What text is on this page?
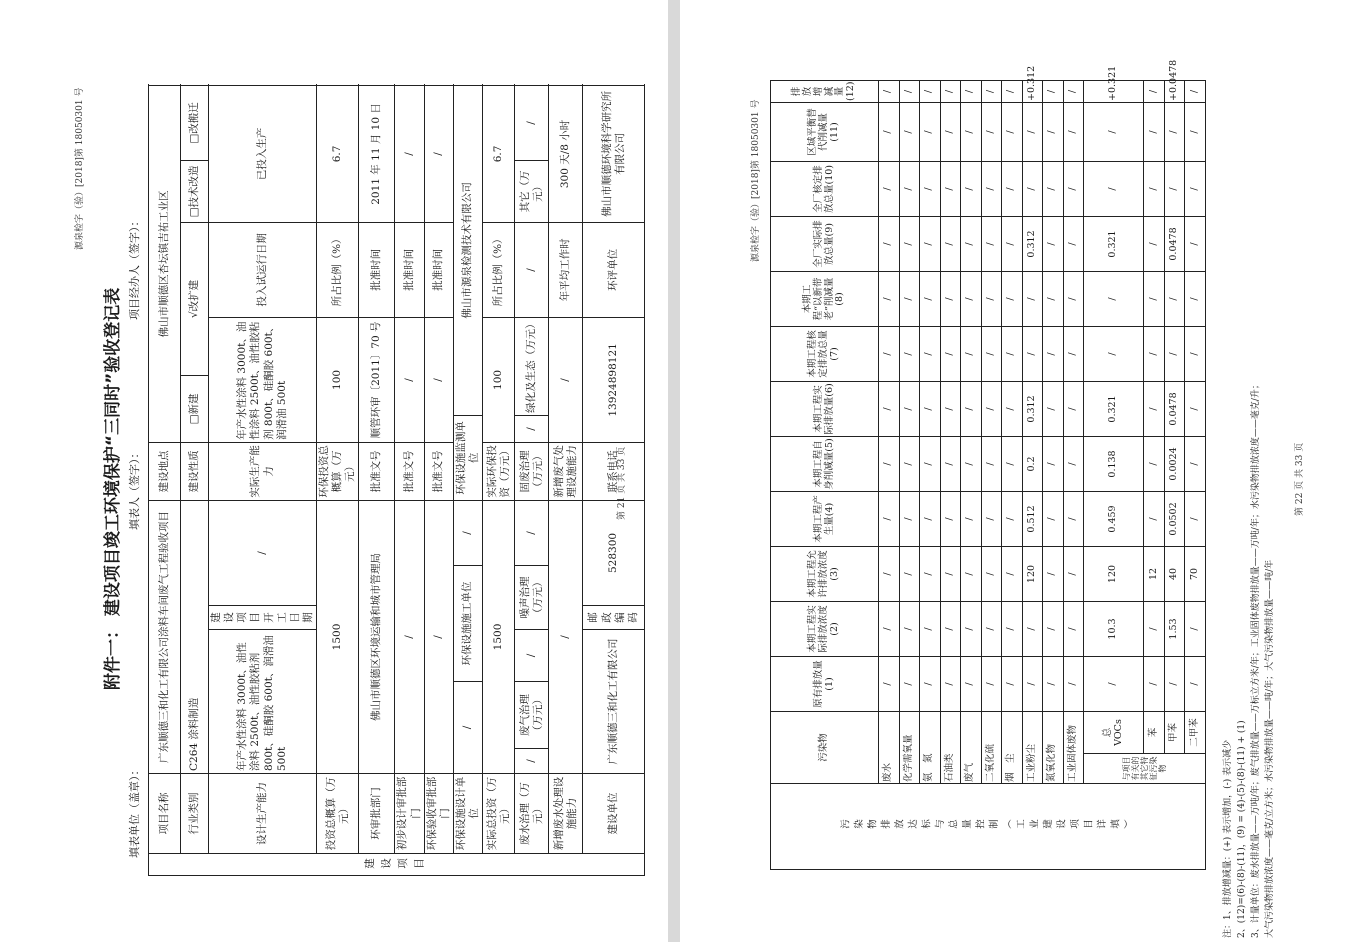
源泉检字（验）[2018]第 18050301 号
附件一： 建设项目竣工环境保护“三同时”验收登记表
填表单位（盖章）：
填表人（签字）：
项目经办人（签字）：
建设项目	项目名称	广东顺德三和化工有限公司涂料车间废气工程验收项目						建设地点	佛山市顺德区杏坛镇吉祐工业区					
	行业类别	C264 涂料制造						建设性质	□新建		√改扩建		□技术改造	□改搬迁
	设计生产能力	年产水性涂料 3000t、油性涂料 2500t、油性胶粘剂 800t、硅酮胶 600t、润滑油 500t			建设项目开工日期	/		实际生产能力	年产水性涂料 3000t、油性涂料 2500t、油性胶粘剂 800t、硅酮胶 600t、润滑油 500t			投入试运行日期	已投入生产	
	投资总概算（万元）	1500						环保投资总概算（万元）	100			所占比例（%）	6.7	
	环审批部门	佛山市顺德区环境运输和城市管理局						批准文号	顺管环审〔2011〕70 号			批准时间	2011 年 11 月 10 日	
	初步设计审批部门	/						批准文号	/			批准时间	/	
	环保验收审批部门	/						批准文号	/			批准时间	/	
	环保设施设计单位	/		环保设施施工单位			/	环保设施监测单位		佛山市源泉检测技术有限公司				
	实际总投资（万元）	1500						实际环保投资（万元）	100			所占比例（%）	6.7	
	废水治理（万元）	/	废气治理（万元）	/	噪声治理（万元）		/	固废治理（万元）	/	绿化及生态（万元）		/	其它（万元）	/
	新增废水处理设施能力	/						新增废气处理设施能力	/			年平均工作时	300 天/8 小时	
	建设单位	广东顺德三和化工有限公司			邮政编码	528300		联系电话	13924898121			环评单位	佛山市顺德环境科学研究所有限公司	
第 21 页 共 33 页
源泉检字（验）[2018]第 18050301 号
污染物排放达标与总量控制（工业建设项目详填）	污染物		原有排放量(1)	本期工程实际排放浓度(2)	本期工程允许排放浓度(3)	本期工程产生量(4)	本期工程自身削减量(5)	本期工程实际排放量(6)	本期工程核定排放总量(7)	本期工程“以新带老”削减量(8)	全厂实际排放总量(9)	全厂核定排放总量(10)	区域平衡替代削减量(11)	排放增减量(12)
	废水		/	/	/	/	/	/	/	/	/	/	/	/
	化学需氧量		/	/	/	/	/	/	/	/	/	/	/	/
	氨　氮		/	/	/	/	/	/	/	/	/	/	/	/
	石油类		/	/	/	/	/	/	/	/	/	/	/	/
	废气		/	/	/	/	/	/	/	/	/	/	/	/
	二氧化硫		/	/	/	/	/	/	/	/	/	/	/	/
	烟　尘		/	/	/	/	/	/	/	/	/	/	/	/
	工业粉尘		/	/	120	0.512	0.2	0.312	/	/	0.312	/	/	+0.312
	氮氧化物		/	/	/	/	/	/	/	/	/	/	/	/
	工业固体废物		/	/	/	/	/	/	/	/	/	/	/	/
	与项目有关的其它特征污染物	总 VOCs	/	10.3	120	0.459	0.138	0.321	/	/	0.321	/	/	+0.321
		苯	/	/	12	/	/	/	/	/	/	/	/	/
		甲苯	/	1.53	40	0.0502	0.0024	0.0478	/	/	0.0478	/	/	+0.0478
		二甲苯	/	/	70	/	/	/	/	/	/	/	/	/
注：1、排放增减量：(+) 表示增加，(-) 表示减少 2、(12)=(6)-(8)-(11)，(9) = (4)-(5)-(8)-(11) + (1) 3、计量单位：废水排放量——万吨/年；废气排放量——万标立方米/年；工业固体废物排放量——万吨/年；水污染物排放浓度——毫克/升； 大气污染物排放浓度——毫克/立方米；水污染物排放量——吨/年；大气污染物排放量——吨/年
第 22 页 共 33 页
